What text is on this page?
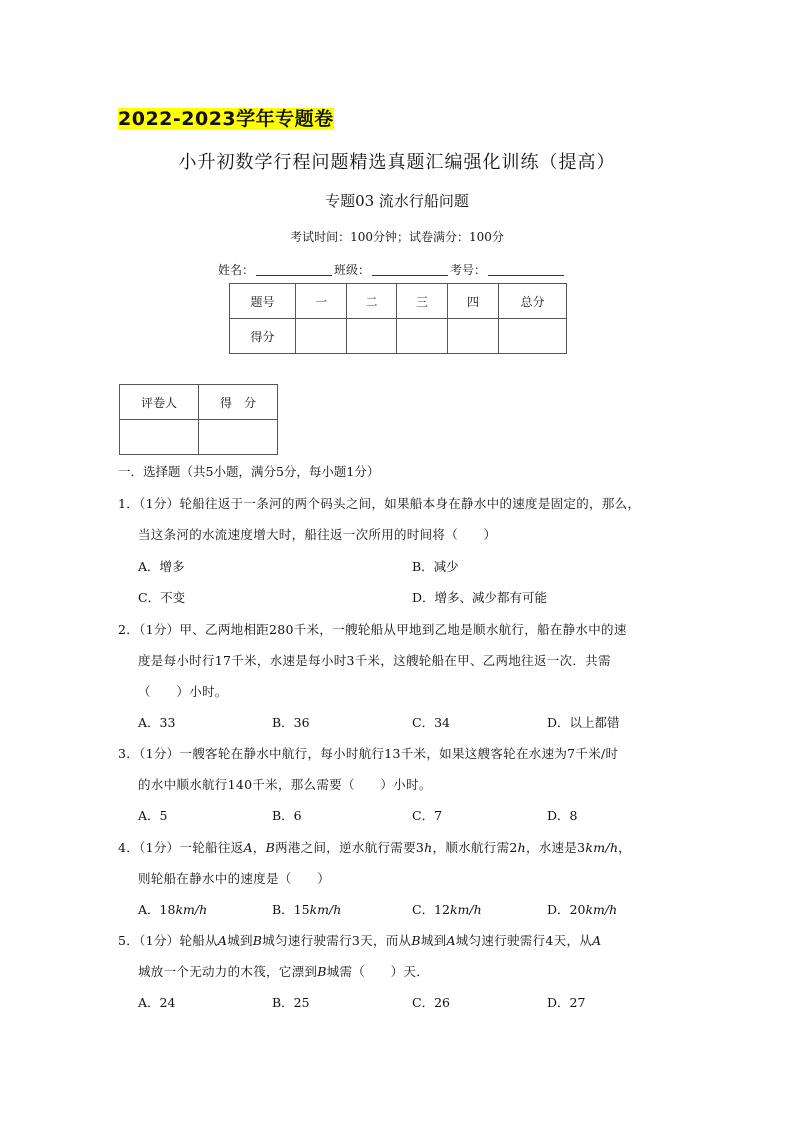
2022-2023学年专题卷
小升初数学行程问题精选真题汇编强化训练（提高）
专题03 流水行船问题
考试时间：100分钟；试卷满分：100分
姓名：	班级：	考号：
题号	一	二	三	四	总分
得分					
评卷人	得　分

一．选择题（共5小题，满分5分，每小题1分）
1．（1分）轮船往返于一条河的两个码头之间，如果船本身在静水中的速度是固定的，那么，
当这条河的水流速度增大时，船往返一次所用的时间将（　　）
A．增多	B．减少
C．不变	D．增多、减少都有可能
2．（1分）甲、乙两地相距280千米，一艘轮船从甲地到乙地是顺水航行，船在静水中的速
度是每小时行17千米，水速是每小时3千米，这艘轮船在甲、乙两地往返一次．共需
（　　）小时。
A．33	B．36	C．34	D．以上都错
3．（1分）一艘客轮在静水中航行，每小时航行13千米，如果这艘客轮在水速为7千米/时
的水中顺水航行140千米，那么需要（　　）小时。
A．5	B．6	C．7	D．8
4．（1分）一轮船往返A，B两港之间，逆水航行需要3h，顺水航行需2h，水速是3km/h，
则轮船在静水中的速度是（　　）
A．18km/h	B．15km/h	C．12km/h	D．20km/h
5．（1分）轮船从A城到B城匀速行驶需行3天，而从B城到A城匀速行驶需行4天，从A
城放一个无动力的木筏，它漂到B城需（　　）天．
A．24	B．25	C．26	D．27
